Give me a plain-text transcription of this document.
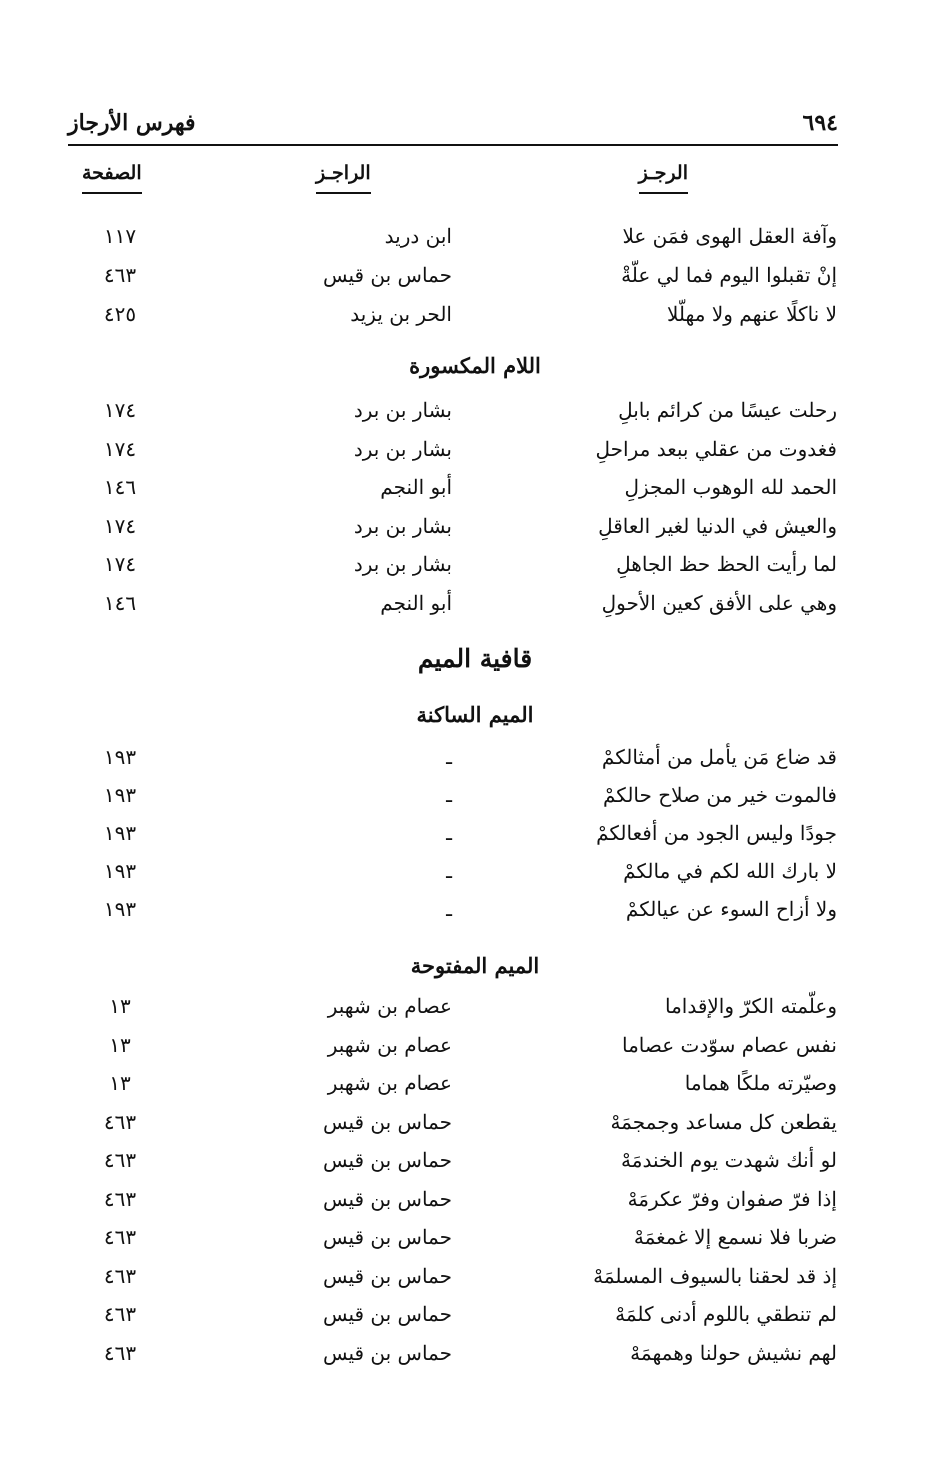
فهرس الأرجاز	٦٩٤
الرجـز
الراجـز
الصفحة
اللام المكسورة
قافية الميم
الميم الساكنة
الميم المفتوحة
وآفة العقل الهوى فمَن علا
ابن دريد
١١٧
إنْ تقبلوا اليوم فما لي علّةْ
حماس بن قيس
٤٦٣
لا ناكلًا عنهم ولا مهلّلا
الحر بن يزيد
٤٢٥
رحلت عيسًا من كرائم بابلِ
بشار بن برد
١٧٤
فغدوت من عقلي ببعد مراحلِ
بشار بن برد
١٧٤
الحمد لله الوهوب المجزلِ
أبو النجم
١٤٦
والعيش في الدنيا لغير العاقلِ
بشار بن برد
١٧٤
لما رأيت الحظ حظ الجاهلِ
بشار بن برد
١٧٤
وهي على الأفق كعين الأحولِ
أبو النجم
١٤٦
قد ضاع مَن يأمل من أمثالكمْ
ـ
١٩٣
فالموت خير من صلاح حالكمْ
ـ
١٩٣
جودًا وليس الجود من أفعالكمْ
ـ
١٩٣
لا بارك الله لكم في مالكمْ
ـ
١٩٣
ولا أزاح السوء عن عيالكمْ
ـ
١٩٣
وعلّمته الكرّ والإقداما
عصام بن شهبر
١٣
نفس عصام سوّدت عصاما
عصام بن شهبر
١٣
وصيّرته ملكًا هماما
عصام بن شهبر
١٣
يقطعن كل مساعد وجمجمَهْ
حماس بن قيس
٤٦٣
لو أنك شهدت يوم الخندمَهْ
حماس بن قيس
٤٦٣
إذا فرّ صفوان وفرّ عكرمَهْ
حماس بن قيس
٤٦٣
ضربا فلا نسمع إلا غمغمَهْ
حماس بن قيس
٤٦٣
إذ قد لحقنا بالسيوف المسلمَهْ
حماس بن قيس
٤٦٣
لم تنطقي باللوم أدنى كلمَهْ
حماس بن قيس
٤٦٣
لهم نشيش حولنا وهمهمَهْ
حماس بن قيس
٤٦٣
